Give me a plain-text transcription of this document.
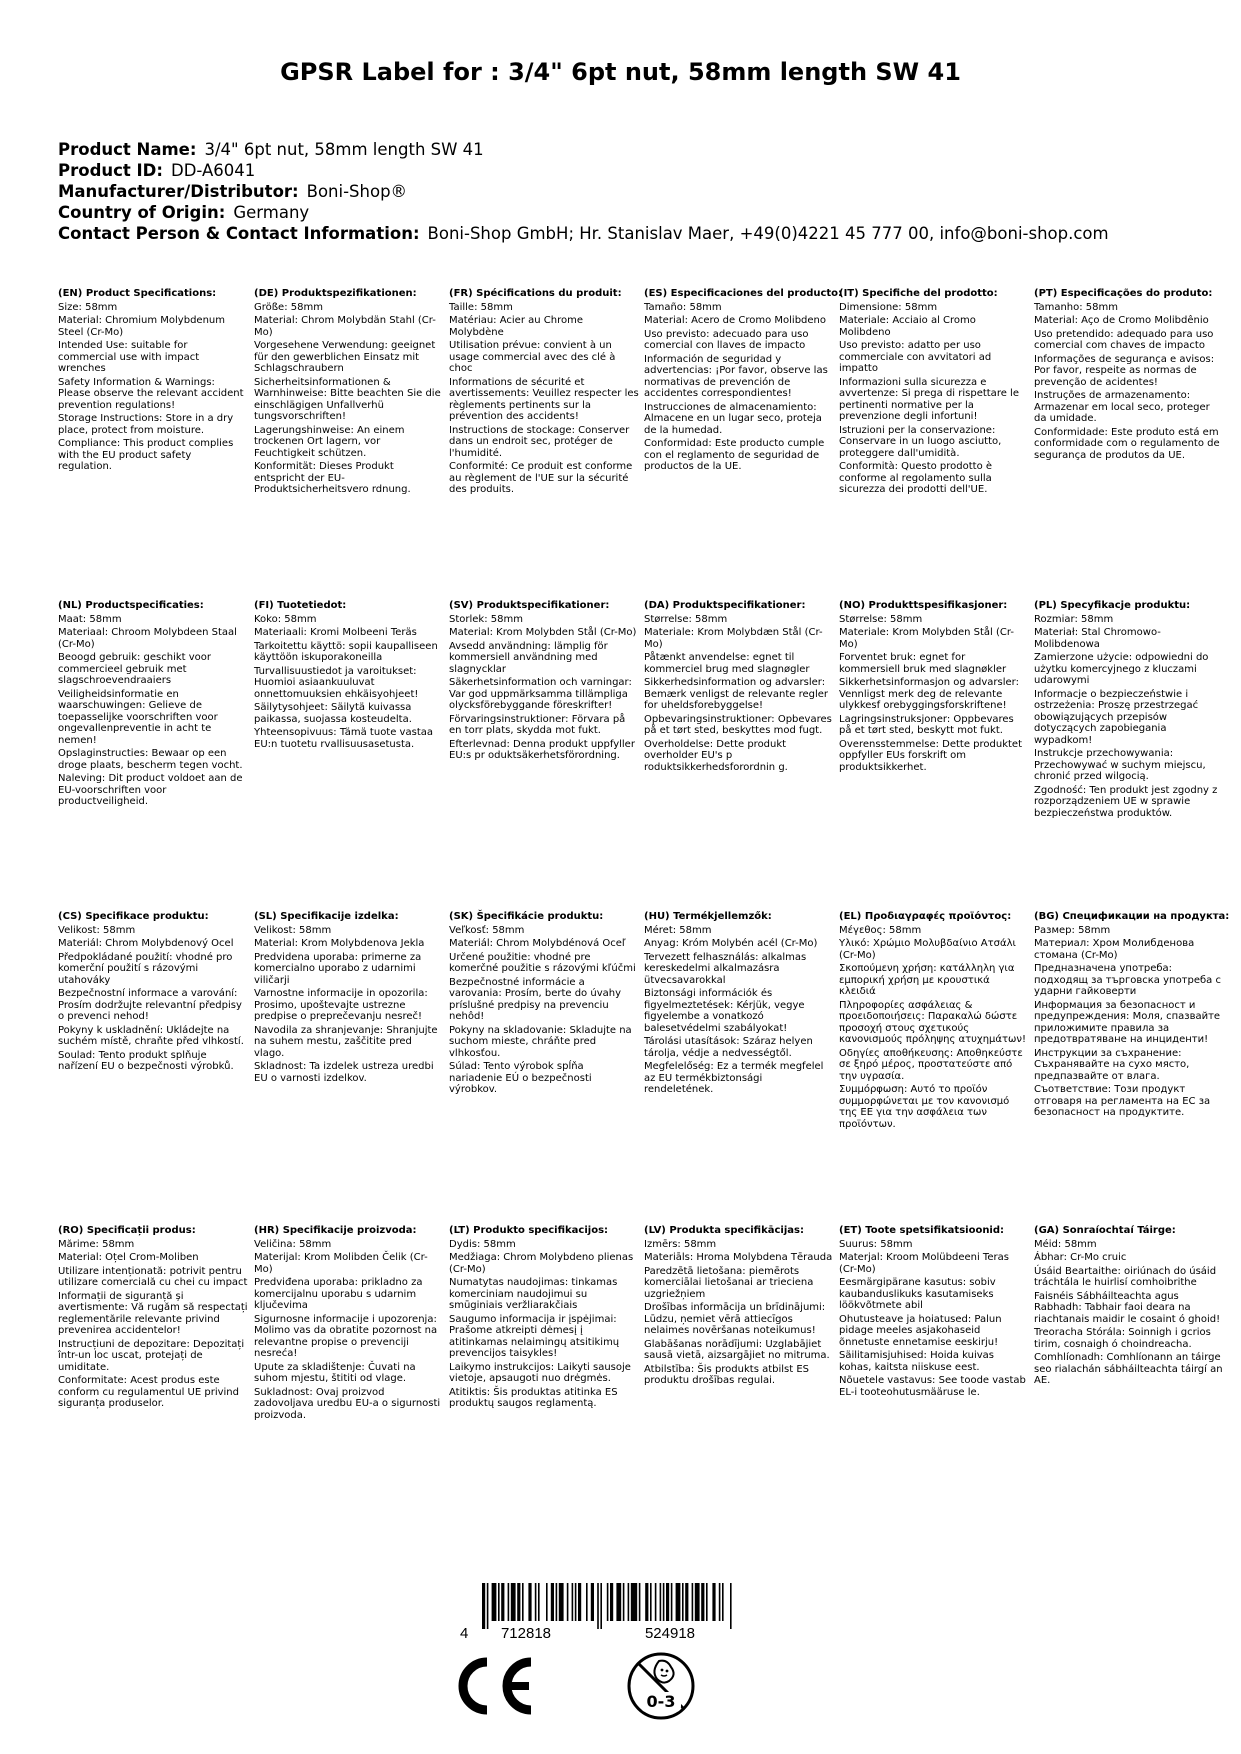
GPSR Label for : 3/4" 6pt nut, 58mm length SW 41
Product Name: 3/4" 6pt nut, 58mm length SW 41
Product ID: DD-A6041
Manufacturer/Distributor: Boni-Shop®
Country of Origin: Germany
Contact Person & Contact Information: Boni-Shop GmbH; Hr. Stanislav Maer, +49(0)4221 45 777 00, info@boni-shop.com
(EN) Product Specifications:
Size: 58mm
Material: Chromium Molybdenum Steel (Cr-Mo)
Intended Use: suitable for commercial use with impact wrenches
Safety Information & Warnings: Please observe the relevant accident prevention regulations!
Storage Instructions: Store in a dry place, protect from moisture.
Compliance: This product complies with the EU product safety regulation.
(DE) Produktspezifikationen:
Größe: 58mm
Material: Chrom Molybdän Stahl (Cr-Mo)
Vorgesehene Verwendung: geeignet für den gewerblichen Einsatz mit Schlagschraubern
Sicherheitsinformationen & Warnhinweise: Bitte beachten Sie die einschlägigen Unfallverhü tungsvorschriften!
Lagerungshinweise: An einem trockenen Ort lagern, vor Feuchtigkeit schützen.
Konformität: Dieses Produkt entspricht der EU-Produktsicherheitsvero rdnung.
(FR) Spécifications du produit:
Taille: 58mm
Matériau: Acier au Chrome Molybdène
Utilisation prévue: convient à un usage commercial avec des clé à choc
Informations de sécurité et avertissements: Veuillez respecter les règlements pertinents sur la prévention des accidents!
Instructions de stockage: Conserver dans un endroit sec, protéger de l'humidité.
Conformité: Ce produit est conforme au règlement de l'UE sur la sécurité des produits.
(ES) Especificaciones del producto:
Tamaño: 58mm
Material: Acero de Cromo Molibdeno
Uso previsto: adecuado para uso comercial con llaves de impacto
Información de seguridad y advertencias: ¡Por favor, observe las normativas de prevención de accidentes correspondientes!
Instrucciones de almacenamiento: Almacene en un lugar seco, proteja de la humedad.
Conformidad: Este producto cumple con el reglamento de seguridad de productos de la UE.
(IT) Specifiche del prodotto:
Dimensione: 58mm
Materiale: Acciaio al Cromo Molibdeno
Uso previsto: adatto per uso commerciale con avvitatori ad impatto
Informazioni sulla sicurezza e avvertenze: Si prega di rispettare le pertinenti normative per la prevenzione degli infortuni!
Istruzioni per la conservazione: Conservare in un luogo asciutto, proteggere dall'umidità.
Conformità: Questo prodotto è conforme al regolamento sulla sicurezza dei prodotti dell'UE.
(PT) Especificações do produto:
Tamanho: 58mm
Material: Aço de Cromo Molibdênio
Uso pretendido: adequado para uso comercial com chaves de impacto
Informações de segurança e avisos: Por favor, respeite as normas de prevenção de acidentes!
Instruções de armazenamento: Armazenar em local seco, proteger da umidade.
Conformidade: Este produto está em conformidade com o regulamento de segurança de produtos da UE.
(NL) Productspecificaties:
Maat: 58mm
Materiaal: Chroom Molybdeen Staal (Cr-Mo)
Beoogd gebruik: geschikt voor commercieel gebruik met slagschroevendraaiers
Veiligheidsinformatie en waarschuwingen: Gelieve de toepasselijke voorschriften voor ongevallenpreventie in acht te nemen!
Opslaginstructies: Bewaar op een droge plaats, bescherm tegen vocht.
Naleving: Dit product voldoet aan de EU-voorschriften voor productveiligheid.
(FI) Tuotetiedot:
Koko: 58mm
Materiaali: Kromi Molbeeni Teräs
Tarkoitettu käyttö: sopii kaupalliseen käyttöön iskuporakoneilla
Turvallisuustiedot ja varoitukset: Huomioi asiaankuuluvat onnettomuuksien ehkäisyohjeet!
Säilytysohjeet: Säilytä kuivassa paikassa, suojassa kosteudelta.
Yhteensopivuus: Tämä tuote vastaa EU:n tuotetu rvallisuusasetusta.
(SV) Produktspecifikationer:
Storlek: 58mm
Material: Krom Molybden Stål (Cr-Mo)
Avsedd användning: lämplig för kommersiell användning med slagnycklar
Säkerhetsinformation och varningar: Var god uppmärksamma tillämpliga olycksförebyggande föreskrifter!
Förvaringsinstruktioner: Förvara på en torr plats, skydda mot fukt.
Efterlevnad: Denna produkt uppfyller EU:s pr oduktsäkerhetsförordning.
(DA) Produktspecifikationer:
Størrelse: 58mm
Materiale: Krom Molybdæn Stål (Cr-Mo)
Påtænkt anvendelse: egnet til kommerciel brug med slagnøgler
Sikkerhedsinformation og advarsler: Bemærk venligst de relevante regler for uheldsforebyggelse!
Opbevaringsinstruktioner: Opbevares på et tørt sted, beskyttes mod fugt.
Overholdelse: Dette produkt overholder EU's p roduktsikkerhedsforordnin g.
(NO) Produkttspesifikasjoner:
Størrelse: 58mm
Materiale: Krom Molybden Stål (Cr-Mo)
Forventet bruk: egnet for kommersiell bruk med slagnøkler
Sikkerhetsinformasjon og advarsler: Vennligst merk deg de relevante ulykkesf orebyggingsforskriftene!
Lagringsinstruksjoner: Oppbevares på et tørt sted, beskytt mot fukt.
Overensstemmelse: Dette produktet oppfyller EUs forskrift om produktsikkerhet.
(PL) Specyfikacje produktu:
Rozmiar: 58mm
Materiał: Stal Chromowo-Molibdenowa
Zamierzone użycie: odpowiedni do użytku komercyjnego z kluczami udarowymi
Informacje o bezpieczeństwie i ostrzeżenia: Proszę przestrzegać obowiązujących przepisów dotyczących zapobiegania wypadkom!
Instrukcje przechowywania: Przechowywać w suchym miejscu, chronić przed wilgocią.
Zgodność: Ten produkt jest zgodny z rozporządzeniem UE w sprawie bezpieczeństwa produktów.
(CS) Specifikace produktu:
Velikost: 58mm
Materiál: Chrom Molybdenový Ocel
Předpokládané použití: vhodné pro komerční použití s rázovými utahováky
Bezpečnostní informace a varování: Prosím dodržujte relevantní předpisy o prevenci nehod!
Pokyny k uskladnění: Ukládejte na suchém místě, chraňte před vlhkostí.
Soulad: Tento produkt splňuje nařízení EU o bezpečnosti výrobků.
(SL) Specifikacije izdelka:
Velikost: 58mm
Material: Krom Molybdenova Jekla
Predvidena uporaba: primerne za komercialno uporabo z udarnimi viličarji
Varnostne informacije in opozorila: Prosimo, upoštevajte ustrezne predpise o preprečevanju nesreč!
Navodila za shranjevanje: Shranjujte na suhem mestu, zaščitite pred vlago.
Skladnost: Ta izdelek ustreza uredbi EU o varnosti izdelkov.
(SK) Špecifikácie produktu:
Veľkosť: 58mm
Materiál: Chrom Molybdénová Oceľ
Určené použitie: vhodné pre komerčné použitie s rázovými kľúčmi
Bezpečnostné informácie a varovania: Prosím, berte do úvahy príslušné predpisy na prevenciu nehôd!
Pokyny na skladovanie: Skladujte na suchom mieste, chráňte pred vlhkosťou.
Súlad: Tento výrobok spĺňa nariadenie EÚ o bezpečnosti výrobkov.
(HU) Termékjellemzők:
Méret: 58mm
Anyag: Króm Molybén acél (Cr-Mo)
Tervezett felhasználás: alkalmas kereskedelmi alkalmazásra ütvecsavarokkal
Biztonsági információk és figyelmeztetések: Kérjük, vegye figyelembe a vonatkozó balesetvédelmi szabályokat!
Tárolási utasítások: Száraz helyen tárolja, védje a nedvességtől.
Megfelelőség: Ez a termék megfelel az EU termékbiztonsági rendeletének.
(EL) Προδιαγραφές προϊόντος:
Μέγεθος: 58mm
Υλικό: Χρώμιο Μολυβδαίνιο Ατσάλι (Cr-Mo)
Σκοπούμενη χρήση: κατάλληλη για εμπορική χρήση με κρουστικά κλειδιά
Πληροφορίες ασφάλειας & προειδοποιήσεις: Παρακαλώ δώστε προσοχή στους σχετικούς κανονισμούς πρόληψης ατυχημάτων!
Οδηγίες αποθήκευσης: Αποθηκεύστε σε ξηρό μέρος, προστατεύστε από την υγρασία.
Συμμόρφωση: Αυτό το προϊόν συμμορφώνεται με τον κανονισμό της ΕΕ για την ασφάλεια των προϊόντων.
(BG) Спецификации на продукта:
Размер: 58mm
Материал: Хром Молибденова стомана (Cr-Mo)
Предназначена употреба: подходящ за търговска употреба с ударни гайковерти
Информация за безопасност и предупреждения: Моля, спазвайте приложимите правила за предотвратяване на инциденти!
Инструкции за съхранение: Съхранявайте на сухо място, предпазвайте от влага.
Съответствие: Този продукт отговаря на регламента на ЕС за безопасност на продуктите.
(RO) Specificații produs:
Mărime: 58mm
Material: Oțel Crom-Moliben
Utilizare intenționată: potrivit pentru utilizare comercială cu chei cu impact
Informații de siguranță și avertismente: Vă rugăm să respectați reglementările relevante privind prevenirea accidentelor!
Instrucțiuni de depozitare: Depozitați într-un loc uscat, protejați de umiditate.
Conformitate: Acest produs este conform cu regulamentul UE privind siguranța produselor.
(HR) Specifikacije proizvoda:
Veličina: 58mm
Materijal: Krom Molibden Čelik (Cr-Mo)
Predviđena uporaba: prikladno za komercijalnu uporabu s udarnim ključevima
Sigurnosne informacije i upozorenja: Molimo vas da obratite pozornost na relevantne propise o prevenciji nesreća!
Upute za skladištenje: Čuvati na suhom mjestu, štititi od vlage.
Sukladnost: Ovaj proizvod zadovoljava uredbu EU-a o sigurnosti proizvoda.
(LT) Produkto specifikacijos:
Dydis: 58mm
Medžiaga: Chrom Molybdeno plienas (Cr-Mo)
Numatytas naudojimas: tinkamas komerciniam naudojimui su smūginiais veržliarakčiais
Saugumo informacija ir įspėjimai: Prašome atkreipti dėmesį į atitinkamas nelaimingų atsitikimų prevencijos taisykles!
Laikymo instrukcijos: Laikyti sausoje vietoje, apsaugoti nuo drėgmės.
Atitiktis: Šis produktas atitinka ES produktų saugos reglamentą.
(LV) Produkta specifikācijas:
Izmērs: 58mm
Materiāls: Hroma Molybdena Tērauda
Paredzētā lietošana: piemērots komerciālai lietošanai ar trieciena uzgriežņiem
Drošības informācija un brīdinājumi: Lūdzu, ņemiet vērā attiecīgos nelaimes novēršanas noteikumus!
Glabāšanas norādījumi: Uzglabājiet sausā vietā, aizsargājiet no mitruma.
Atbilstība: Šis produkts atbilst ES produktu drošības regulai.
(ET) Toote spetsifikatsioonid:
Suurus: 58mm
Materjal: Kroom Molübdeeni Teras (Cr-Mo)
Eesmärgipärane kasutus: sobiv kaubanduslikuks kasutamiseks löökvõtmete abil
Ohutusteave ja hoiatused: Palun pidage meeles asjakohaseid õnnetuste ennetamise eeskirju!
Säilitamisjuhised: Hoida kuivas kohas, kaitsta niiskuse eest.
Nõuetele vastavus: See toode vastab EL-i tooteohutusmääruse le.
(GA) Sonraíochtaí Táirge:
Méid: 58mm
Ábhar: Cr-Mo cruic
Úsáid Beartaithe: oiriúnach do úsáid tráchtála le huirlisí comhoibrithe
Faisnéis Sábháilteachta agus Rabhadh: Tabhair faoi deara na riachtanais maidir le cosaint ó ghoid!
Treoracha Stórála: Soinnigh i gcrios tirim, cosnaigh ó choindreacha.
Comhlíonadh: Comhlíonann an táirge seo rialachán sábháilteachta táirgí an AE.
4 712818	524918
CE
0-3
